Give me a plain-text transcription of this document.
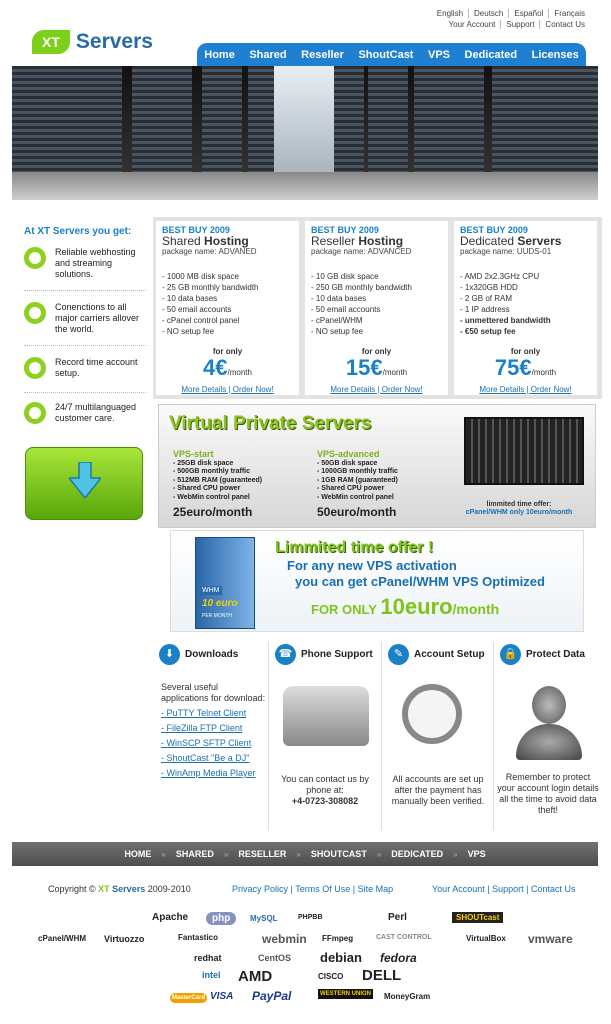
English Deutsch Español Français
Your Account Support Contact Us
XT Servers
Home Shared Reseller ShoutCast VPS Dedicated Licenses
At XT Servers you get:
Reliable webhosting and streaming solutions.
Conenctions to all major carriers allover the world.
Record time account setup.
24/7 multilanguaged customer care.
BEST BUY 2009
Shared Hosting
package name: ADVANED
- 1000 MB disk space
- 25 GB monthly bandwidth
- 10 data bases
- 50 email accounts
- cPanel control panel
- NO setup fee
for only
4€/month
More Details | Order Now!
BEST BUY 2009
Reseller Hosting
package name: ADVANCED
- 10 GB disk space
- 250 GB monthly bandwidth
- 10 data bases
- 50 email accounts
- cPanel/WHM
- NO setup fee
for only
15€/month
More Details | Order Now!
BEST BUY 2009
Dedicated Servers
package name: UUDS-01
- AMD 2x2.3GHz CPU
- 1x320GB HDD
- 2 GB of RAM
- 1 IP address
- unmettered bandwidth
- €50 setup fee
for only
75€/month
More Details | Order Now!
Virtual Private Servers
VPS-start
- 25GB disk space
- 500GB monthly traffic
- 512MB RAM (guaranteed)
- Shared CPU power
- WebMin control panel
25euro/month
VPS-advanced
- 50GB disk space
- 1000GB monthly traffic
- 1GB RAM (guaranteed)
- Shared CPU power
- WebMin control panel
50euro/month
limmited time offer:
cPanel/WHM only 10euro/month
WHM
10 euro
PER MONTH
Limmited time offer !
For any new VPS activation
you can get cPanel/WHM VPS Optimized
FOR ONLY 10euro/month
⬇	Downloads
Several useful applications for download:
- PuTTY Telnet Client
- FileZilla FTP Client
- WinSCP SFTP Client
- ShoutCast "Be a DJ"
- WinAmp Media Player
☎ Phone Support
You can contact us by phone at:
+4-0723-308082
✎	Account Setup
All accounts are set up after the payment has manually been verified.
🔒 Protect Data
Remember to protect your account login details all the time to avoid data theft!
HOME	»	SHARED	»	RESELLER	»	SHOUTCAST	»	DEDICATED	»	VPS
Copyright © XT Servers 2009-2010	Privacy Policy | Terms Of Use | Site Map	Your Account | Support | Contact Us
Apache	php	MySQL	PHPBB	Perl	SHOUTcast
cPanel/WHM Virtuozzo	Fantastico	webmin FFmpeg	CAST CONTROL	VirtualBox vmware
redhat	CentOS debian fedora
intel AMD	CISCO DELL
MasterCard VISA PayPal	WESTERN UNION MoneyGram
